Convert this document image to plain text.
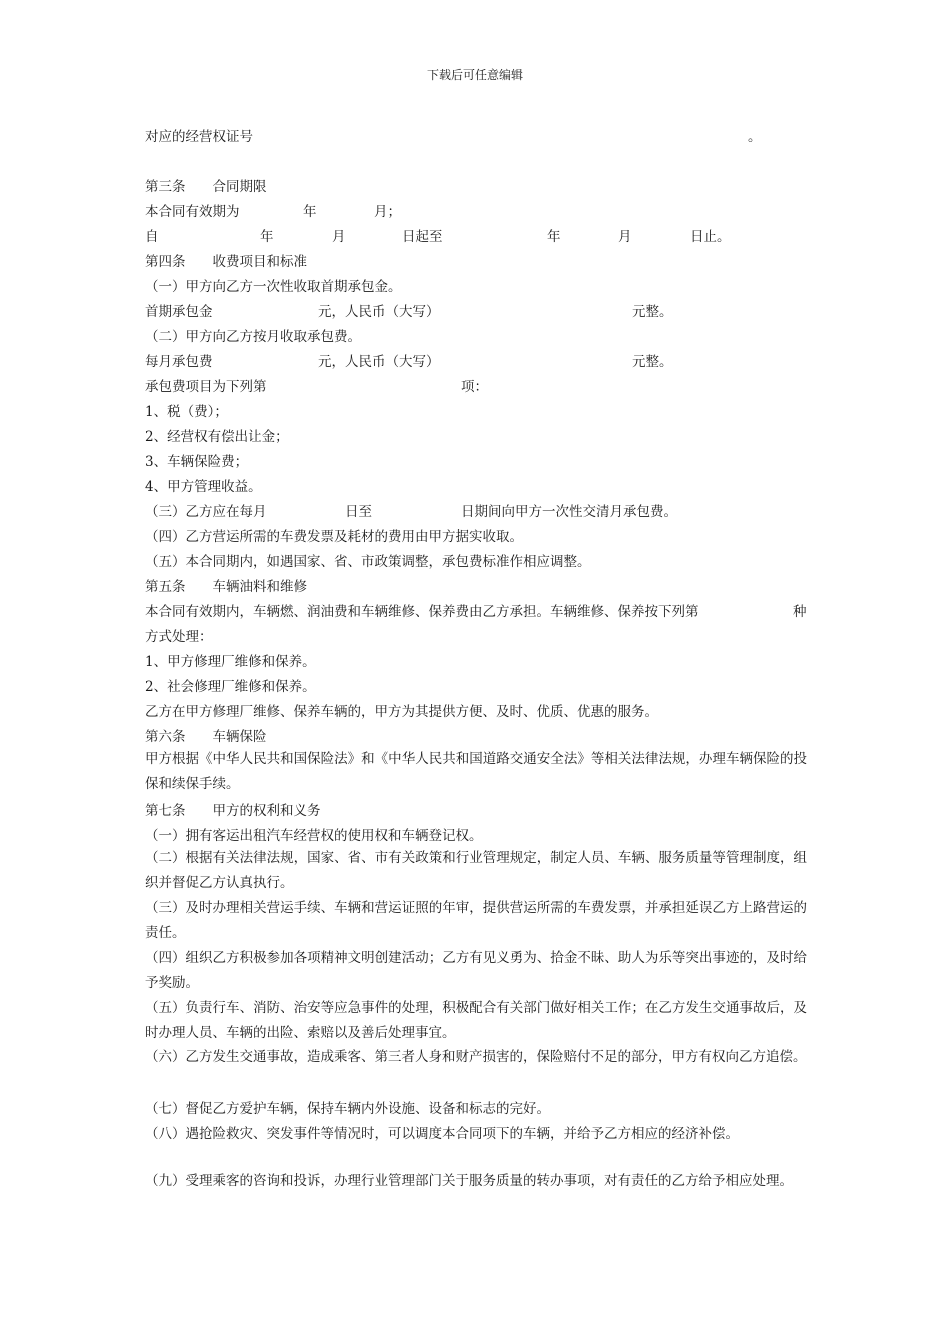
下载后可任意编辑
对应的经营权证号	。
第三条　　合同期限
本合同有效期为	年	月；
自	年	月	日起至	年	月	日止。
第四条　　收费项目和标准
（一）甲方向乙方一次性收取首期承包金。
首期承包金	元，人民币（大写）	元整。
（二）甲方向乙方按月收取承包费。
每月承包费	元，人民币（大写）	元整。
承包费项目为下列第	项：
1、税（费）；
2、经营权有偿出让金；
3、车辆保险费；
4、甲方管理收益。
（三）乙方应在每月	日至	日期间向甲方一次性交清月承包费。
（四）乙方营运所需的车费发票及耗材的费用由甲方据实收取。
（五）本合同期内，如遇国家、省、市政策调整，承包费标准作相应调整。
第五条　　车辆油料和维修
本合同有效期内，车辆燃、润油费和车辆维修、保养费由乙方承担。车辆维修、保养按下列第	种
方式处理：
1、甲方修理厂维修和保养。
2、社会修理厂维修和保养。
乙方在甲方修理厂维修、保养车辆的，甲方为其提供方便、及时、优质、优惠的服务。
第六条　　车辆保险
甲方根据《中华人民共和国保险法》和《中华人民共和国道路交通安全法》等相关法律法规，办理车辆保险的投保和续保手续。
第七条　　甲方的权利和义务
（一）拥有客运出租汽车经营权的使用权和车辆登记权。
（二）根据有关法律法规，国家、省、市有关政策和行业管理规定，制定人员、车辆、服务质量等管理制度，组织并督促乙方认真执行。
（三）及时办理相关营运手续、车辆和营运证照的年审，提供营运所需的车费发票，并承担延误乙方上路营运的责任。
（四）组织乙方积极参加各项精神文明创建活动；乙方有见义勇为、拾金不昧、助人为乐等突出事迹的，及时给予奖励。
（五）负责行车、消防、治安等应急事件的处理，积极配合有关部门做好相关工作；在乙方发生交通事故后，及时办理人员、车辆的出险、索赔以及善后处理事宜。
（六）乙方发生交通事故，造成乘客、第三者人身和财产损害的，保险赔付不足的部分，甲方有权向乙方追偿。
（七）督促乙方爱护车辆，保持车辆内外设施、设备和标志的完好。
（八）遇抢险救灾、突发事件等情况时，可以调度本合同项下的车辆，并给予乙方相应的经济补偿。
（九）受理乘客的咨询和投诉，办理行业管理部门关于服务质量的转办事项，对有责任的乙方给予相应处理。
